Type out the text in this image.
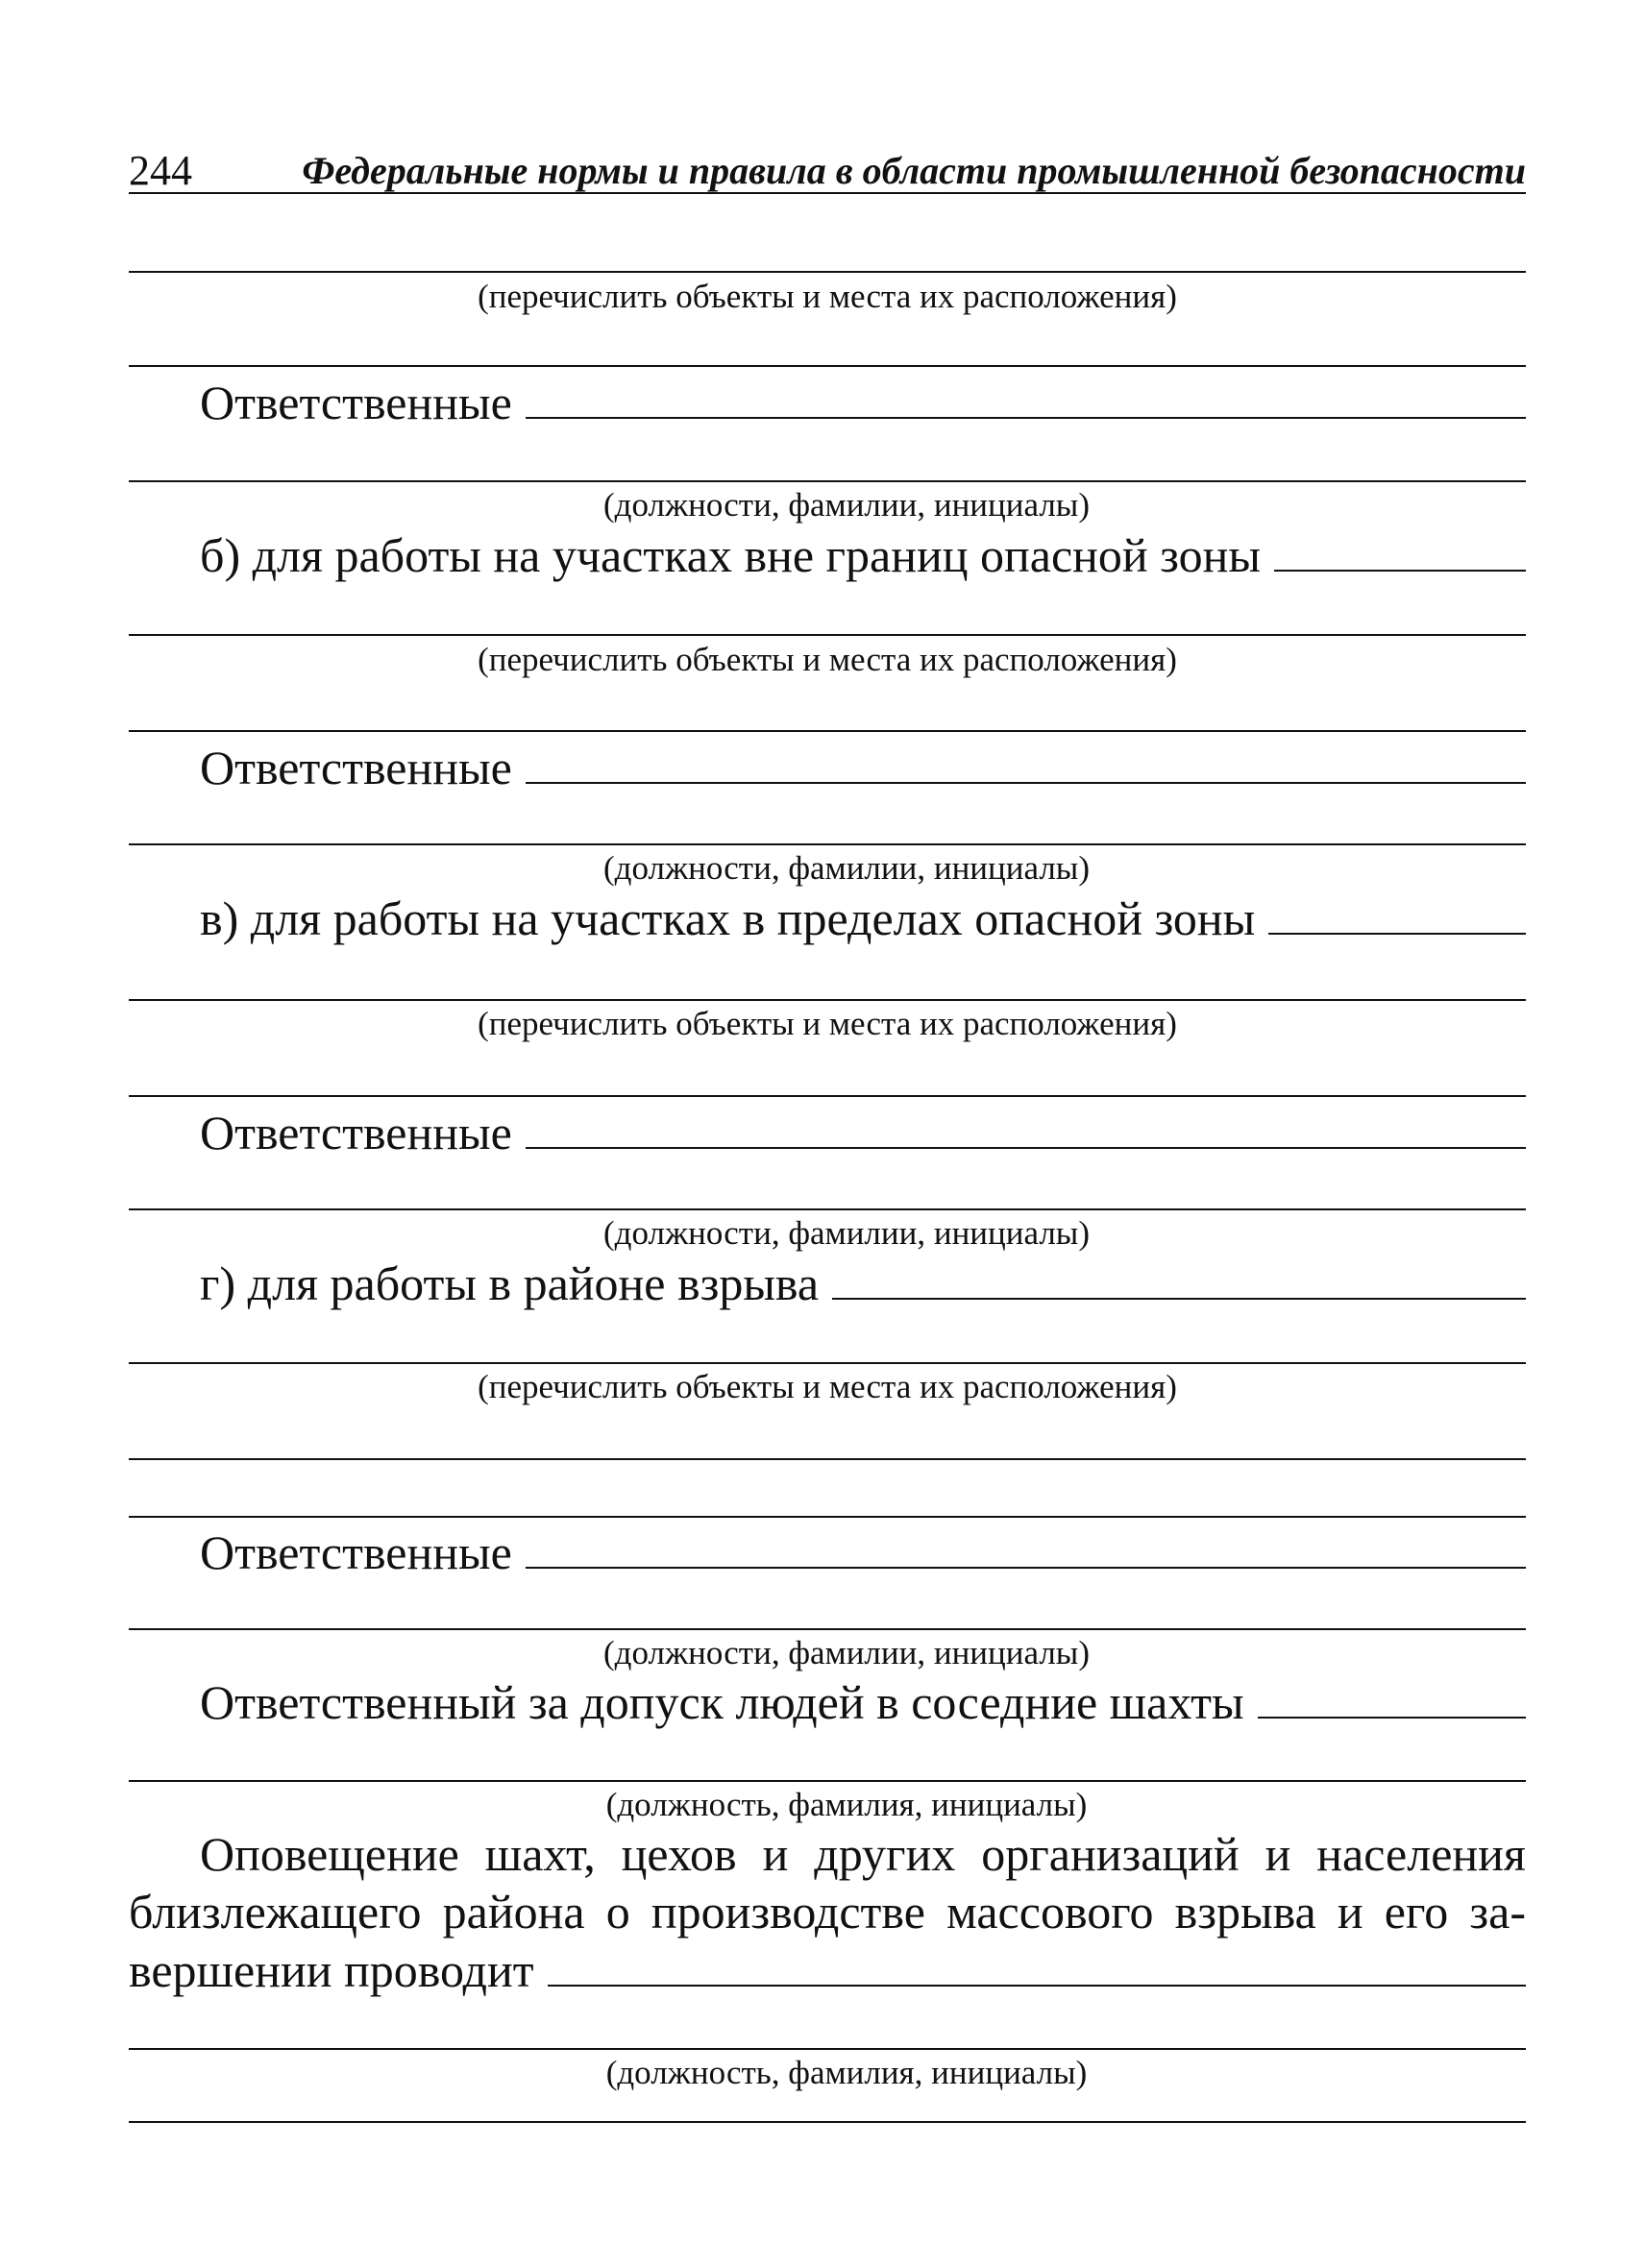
244	Федеральные нормы и правила в области промышленной безопасности
(перечислить объекты и места их расположения)
Ответственные
(должности, фамилии, инициалы)
б) для работы на участках вне границ опасной зоны
(перечислить объекты и места их расположения)
Ответственные
(должности, фамилии, инициалы)
в) для работы на участках в пределах опасной зоны
(перечислить объекты и места их расположения)
Ответственные
(должности, фамилии, инициалы)
г) для работы в районе взрыва
(перечислить объекты и места их расположения)
Ответственные
(должности, фамилии, инициалы)
Ответственный за допуск людей в соседние шахты
(должность, фамилия, инициалы)
Оповещение шахт, цехов и других организаций и населения
близлежащего района о производстве массового взрыва и его за-
вершении проводит
(должность, фамилия, инициалы)
